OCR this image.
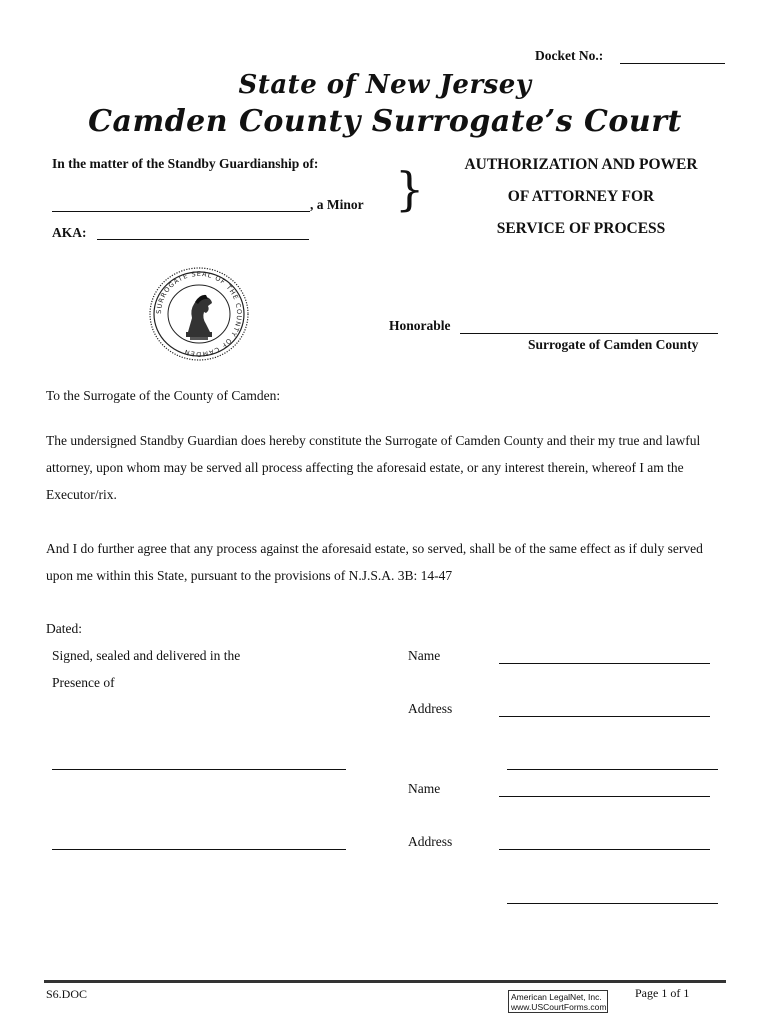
Docket No.:
State of New Jersey
Camden County Surrogate’s Court
In the matter of the Standby Guardianship of:
, a Minor
AKA:
}	AUTHORIZATION AND POWER
OF ATTORNEY FOR
SERVICE OF PROCESS
SURROGATE SEAL OF THE COUNTY OF CAMDEN
Honorable
Surrogate of Camden County
To the Surrogate of the County of Camden:
The undersigned Standby Guardian does hereby constitute the Surrogate of Camden County and their my true and lawful attorney, upon whom may be served all process affecting the aforesaid estate, or any interest therein, whereof I am the Executor/rix.
And I do further agree that any process against the aforesaid estate, so served, shall be of the same effect as if duly served upon me within this State, pursuant to the provisions of N.J.S.A. 3B: 14-47
Dated:
Signed, sealed and delivered in the
Presence of
Name
Address
Name
Address
S6.DOC	American LegalNet, Inc.
www.USCourtForms.com
Page 1 of 1
